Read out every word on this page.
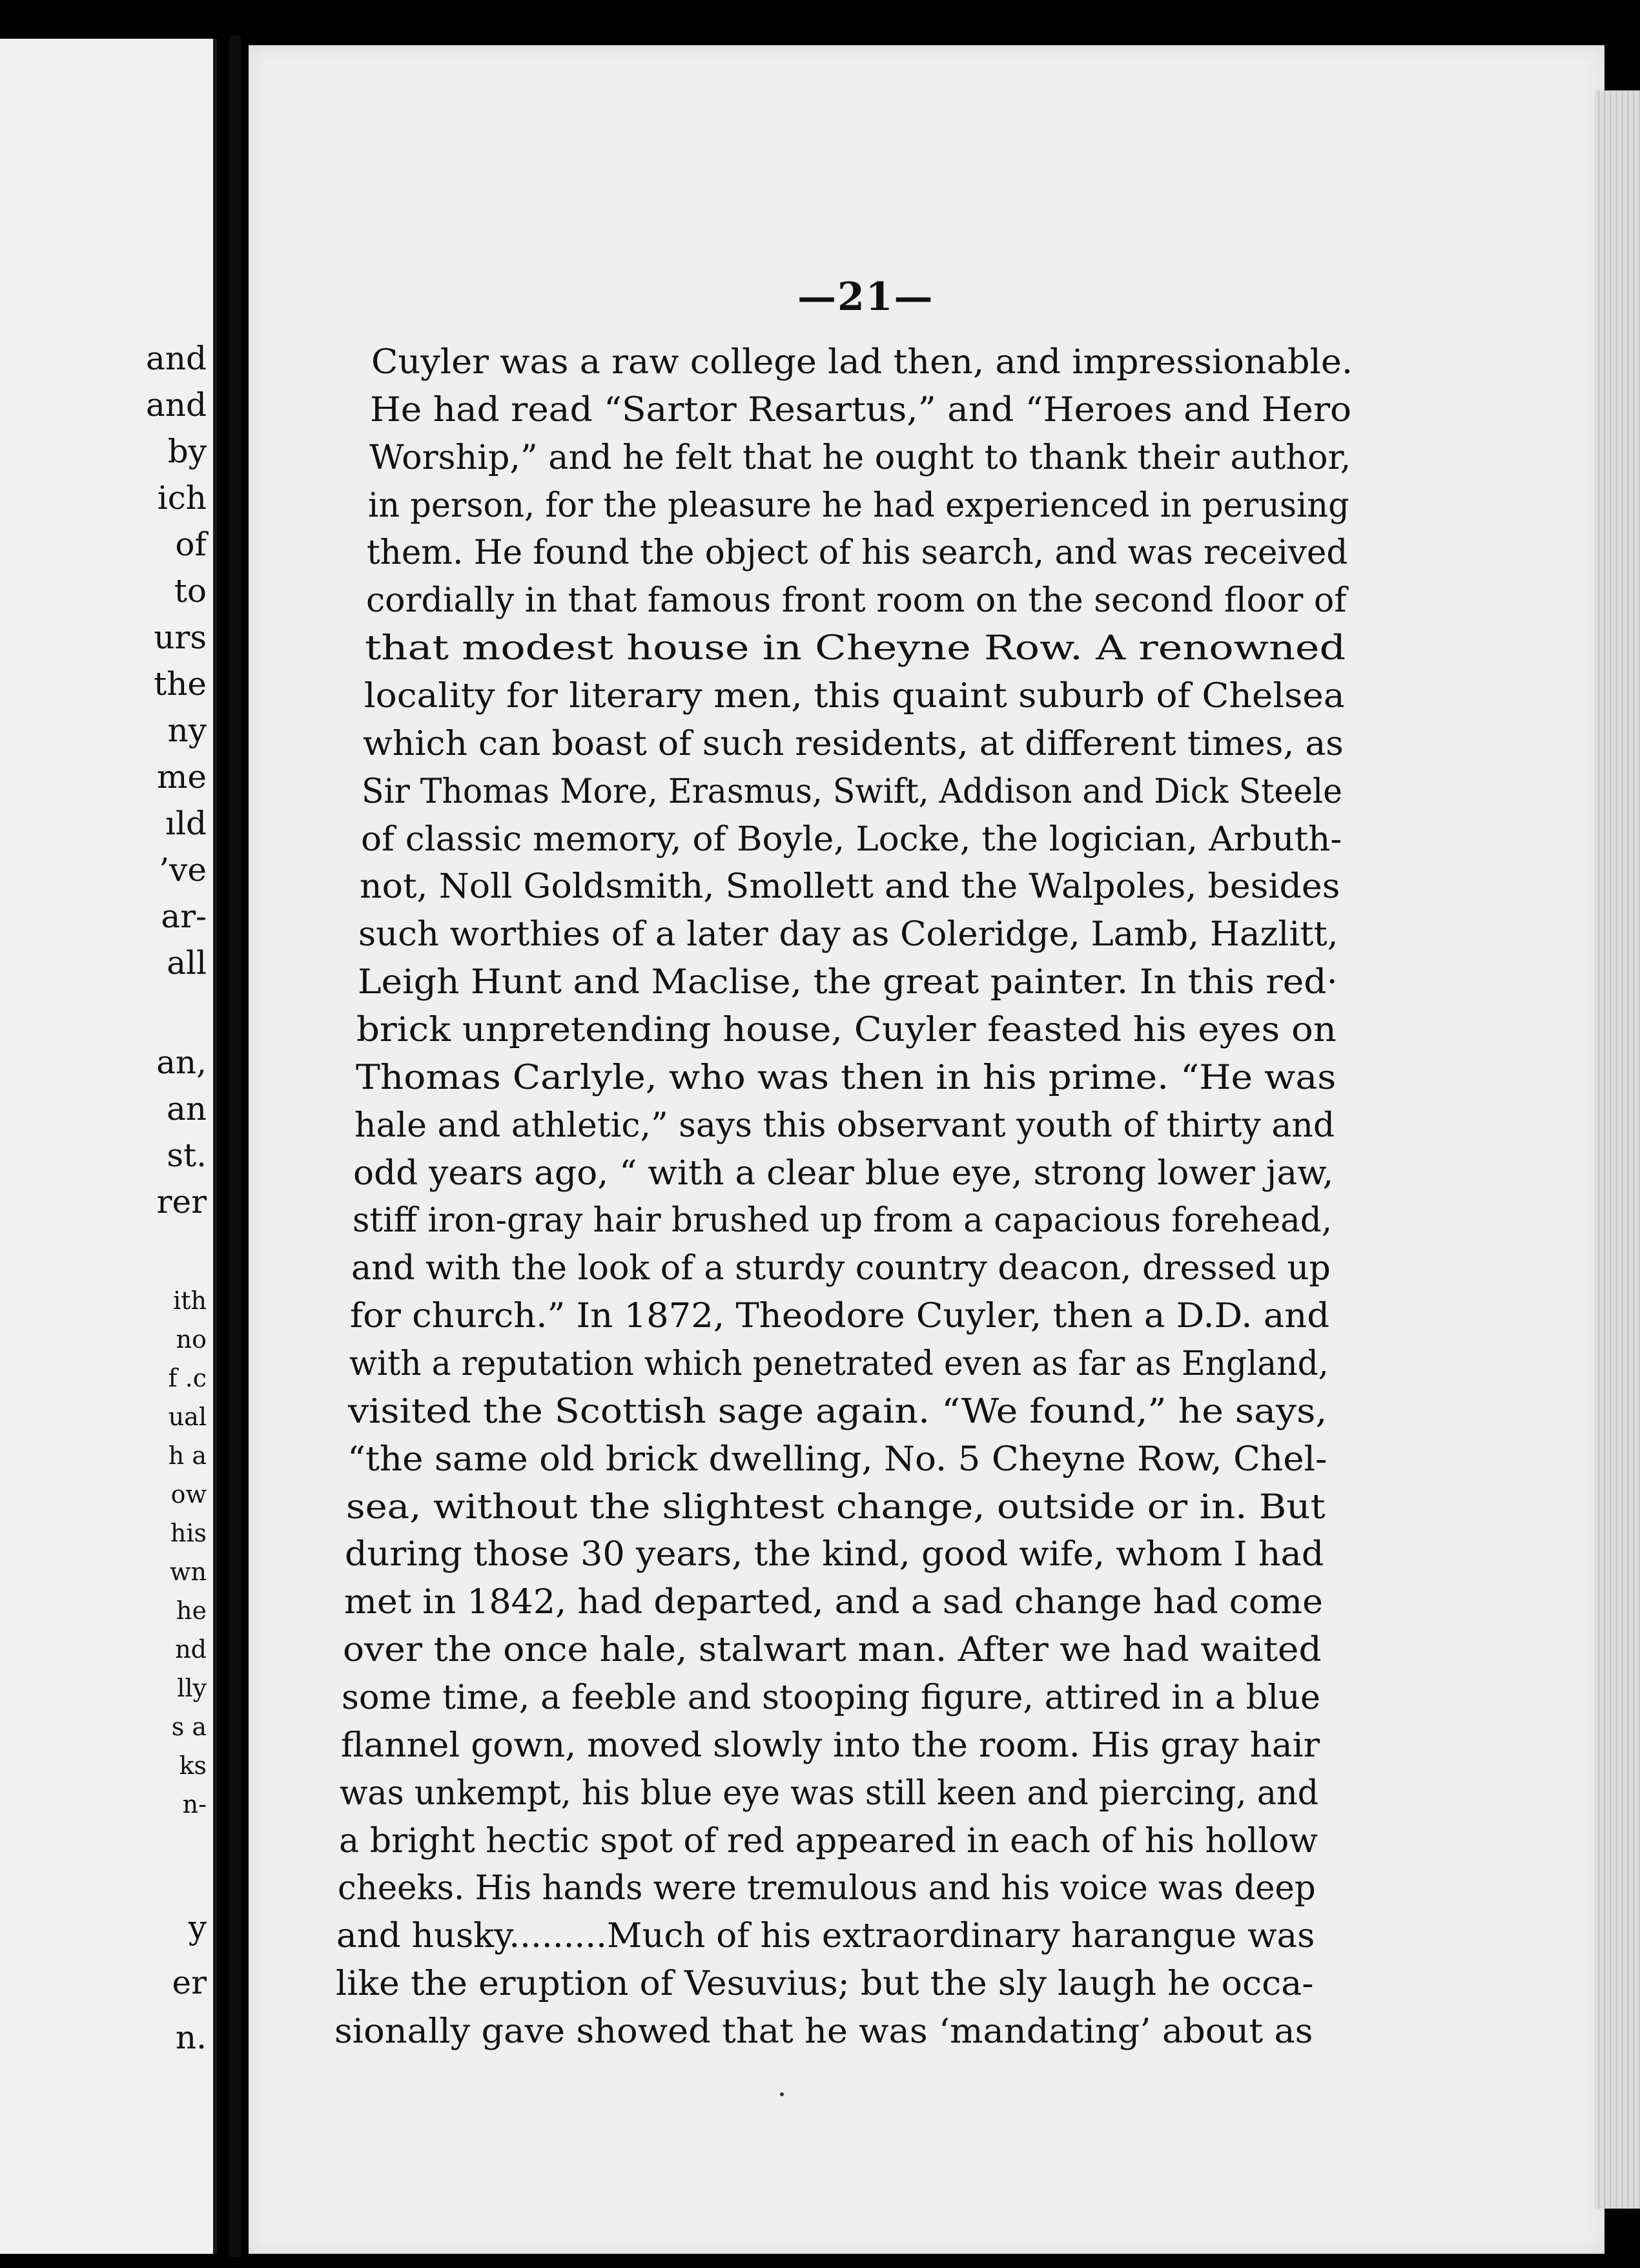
and
and
by
ich
of
to
urs
the
ny
me
ıld
’ve
ar-
all
an,
an
st.
rer
ith
no
f .c
ual
h a
ow
his
wn
he
nd
lly
s a
ks
n-
y
er
n.
—21—
Cuyler was a raw college lad then, and impressionable.
He had read “Sartor Resartus,” and “Heroes and Hero
Worship,” and he felt that he ought to thank their author,
in person, for the pleasure he had experienced in perusing
them. He found the object of his search, and was received
cordially in that famous front room on the second floor of
that modest house in Cheyne Row. A renowned
locality for literary men, this quaint suburb of Chelsea
which can boast of such residents, at different times, as
Sir Thomas More, Erasmus, Swift, Addison and Dick Steele
of classic memory, of Boyle, Locke, the logician, Arbuth-
not, Noll Goldsmith, Smollett and the Walpoles, besides
such worthies of a later day as Coleridge, Lamb, Hazlitt,
Leigh Hunt and Maclise, the great painter. In this red·
brick unpretending house, Cuyler feasted his eyes on
Thomas Carlyle, who was then in his prime. “He was
hale and athletic,” says this observant youth of thirty and
odd years ago, “ with a clear blue eye, strong lower jaw,
stiff iron-gray hair brushed up from a capacious forehead,
and with the look of a sturdy country deacon, dressed up
for church.” In 1872, Theodore Cuyler, then a D.D. and
with a reputation which penetrated even as far as England,
visited the Scottish sage again. “We found,” he says,
“the same old brick dwelling, No. 5 Cheyne Row, Chel-
sea, without the slightest change, outside or in. But
during those 30 years, the kind, good wife, whom I had
met in 1842, had departed, and a sad change had come
over the once hale, stalwart man. After we had waited
some time, a feeble and stooping figure, attired in a blue
flannel gown, moved slowly into the room. His gray hair
was unkempt, his blue eye was still keen and piercing, and
a bright hectic spot of red appeared in each of his hollow
cheeks. His hands were tremulous and his voice was deep
and husky.........Much of his extraordinary harangue was
like the eruption of Vesuvius; but the sly laugh he occa-
sionally gave showed that he was ‘mandating’ about as
